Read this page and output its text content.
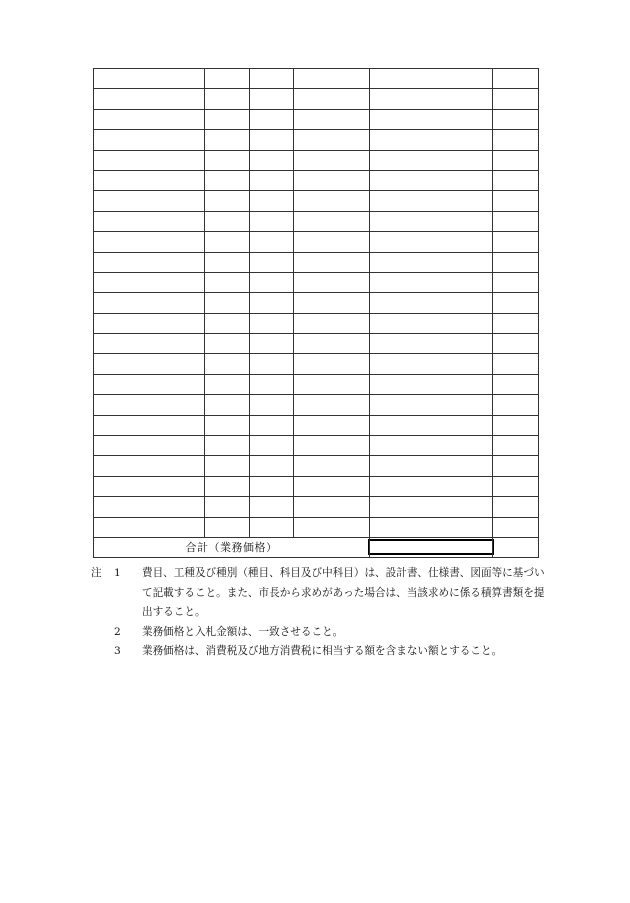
合計（業務価格）				

注	1	費目、工種及び種別（種目、科目及び中科目）は、設計書、仕様書、図面等に基づいて記載すること。また、市長から求めがあった場合は、当該求めに係る積算書類を提出すること。
2	業務価格と入札金額は、一致させること。
3	業務価格は、消費税及び地方消費税に相当する額を含まない額とすること。
